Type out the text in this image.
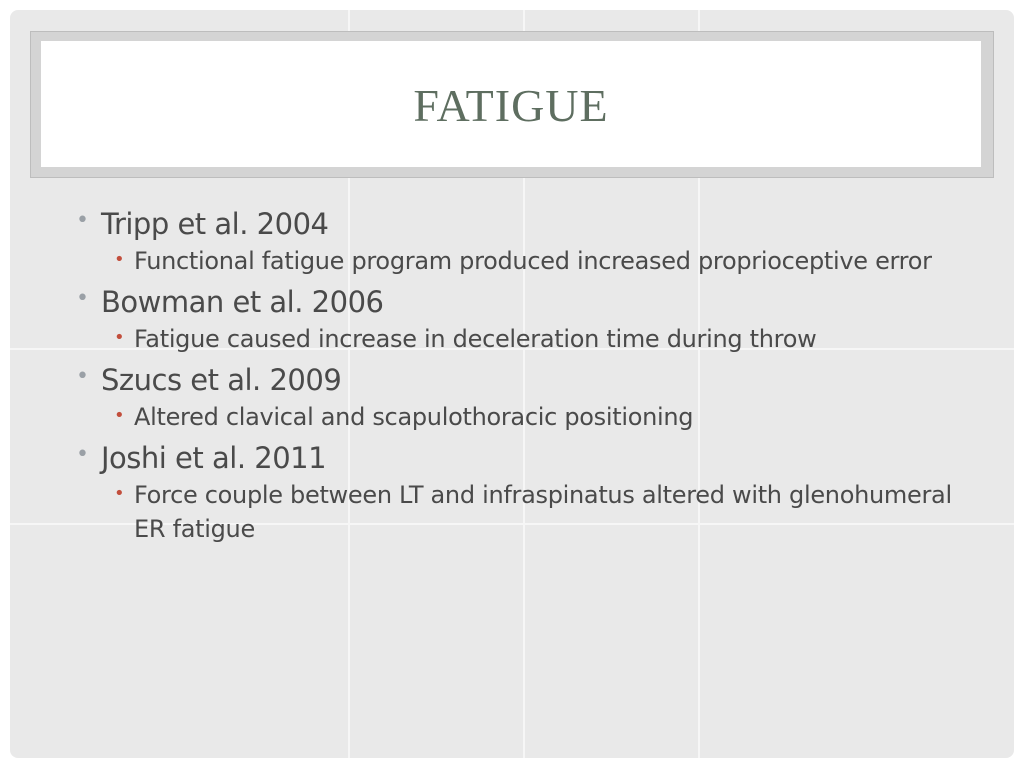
FATIGUE
• Tripp et al. 2004
• Functional fatigue program produced increased proprioceptive error
• Bowman et al. 2006
• Fatigue caused increase in deceleration time during throw
• Szucs et al. 2009
• Altered clavical and scapulothoracic positioning
• Joshi et al. 2011
• Force couple between LT and infraspinatus altered with glenohumeral ER fatigue
